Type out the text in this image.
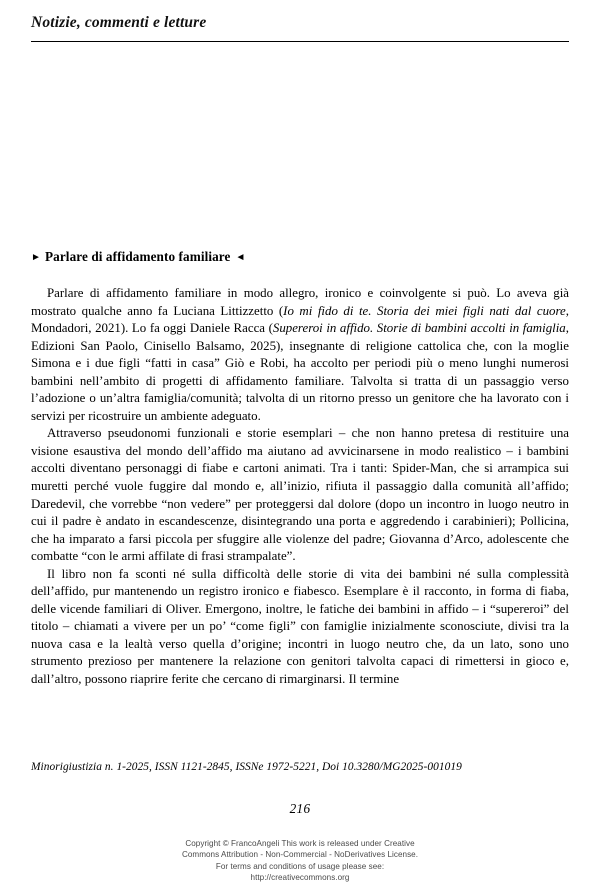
Notizie, commenti e letture
► Parlare di affidamento familiare ◄

Parlare di affidamento familiare in modo allegro, ironico e coinvolgente si può. Lo aveva già mostrato qualche anno fa Luciana Littizzetto (Io mi fido di te. Storia dei miei figli nati dal cuore, Mondadori, 2021). Lo fa oggi Daniele Racca (Supereroi in affido. Storie di bambini accolti in famiglia, Edizioni San Paolo, Cinisello Balsamo, 2025), insegnante di religione cattolica che, con la moglie Simona e i due figli “fatti in casa” Giò e Robi, ha accolto per periodi più o meno lunghi numerosi bambini nell’ambito di progetti di affidamento familiare. Talvolta si tratta di un passaggio verso l’adozione o un’altra famiglia/comunità; talvolta di un ritorno presso un genitore che ha lavorato con i servizi per ricostruire un ambiente adeguato.

Attraverso pseudonomi funzionali e storie esemplari – che non hanno pretesa di restituire una visione esaustiva del mondo dell’affido ma aiutano ad avvicinarsene in modo realistico – i bambini accolti diventano personaggi di fiabe e cartoni animati. Tra i tanti: Spider-Man, che si arrampica sui muretti perché vuole fuggire dal mondo e, all’inizio, rifiuta il passaggio dalla comunità all’affido; Daredevil, che vorrebbe “non vedere” per proteggersi dal dolore (dopo un incontro in luogo neutro in cui il padre è andato in escandescenze, disintegrando una porta e aggredendo i carabinieri); Pollicina, che ha imparato a farsi piccola per sfuggire alle violenze del padre; Giovanna d’Arco, adolescente che combatte “con le armi affilate di frasi strampalate”.

Il libro non fa sconti né sulla difficoltà delle storie di vita dei bambini né sulla complessità dell’affido, pur mantenendo un registro ironico e fiabesco. Esemplare è il racconto, in forma di fiaba, delle vicende familiari di Oliver. Emergono, inoltre, le fatiche dei bambini in affido – i “supereroi” del titolo – chiamati a vivere per un po’ “come figli” con famiglie inizialmente sconosciute, divisi tra la nuova casa e la lealtà verso quella d’origine; incontri in luogo neutro che, da un lato, sono uno strumento prezioso per mantenere la relazione con genitori talvolta capaci di rimettersi in gioco e, dall’altro, possono riaprire ferite che cercano di rimarginarsi. Il termine

Minorigiustizia n. 1-2025, ISSN 1121-2845, ISSNe 1972-5221, Doi 10.3280/MG2025-001019
216
Copyright © FrancoAngeli This work is released under Creative
Commons Attribution - Non-Commercial - NoDerivatives License.
For terms and conditions of usage please see:
http://creativecommons.org
